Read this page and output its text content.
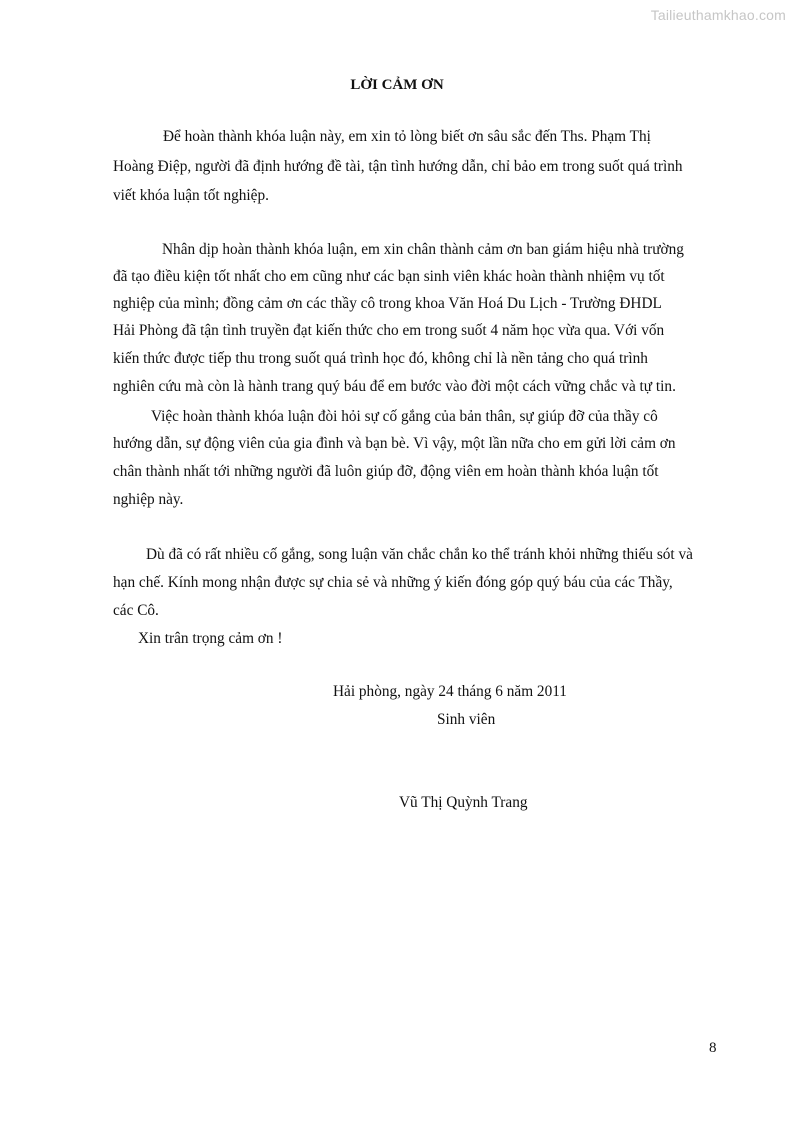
Tailieuthamkhao.com
LỜI CẢM ƠN
Để hoàn thành khóa luận này, em xin tỏ lòng biết ơn sâu sắc đến Ths. Phạm Thị
Hoàng Điệp, người đã định hướng đề tài, tận tình hướng dẫn, chỉ bảo em trong suốt quá trình
viết khóa luận tốt nghiệp.
Nhân dịp hoàn thành khóa luận, em xin chân thành cảm ơn ban giám hiệu nhà trường
đã tạo điều kiện tốt nhất cho em cũng như các bạn sinh viên khác hoàn thành nhiệm vụ tốt
nghiệp của mình; đồng cảm ơn các thầy cô trong khoa Văn Hoá Du Lịch - Trường ĐHDL
Hải Phòng đã tận tình truyền đạt kiến thức cho em trong suốt 4 năm học vừa qua. Với vốn
kiến thức được tiếp thu trong suốt quá trình học đó, không chỉ là nền tảng cho quá trình
nghiên cứu mà còn là hành trang quý báu để em bước vào đời một cách vững chắc và tự tin.
Việc hoàn thành khóa luận đòi hỏi sự cố gắng của bản thân, sự giúp đỡ của thầy cô
hướng dẫn, sự động viên của gia đình và bạn bè. Vì vậy, một lần nữa cho em gửi lời cảm ơn
chân thành nhất tới những người đã luôn giúp đỡ, động viên em hoàn thành khóa luận tốt
nghiệp này.
Dù đã có rất nhiều cố gắng, song luận văn chắc chắn ko thể tránh khỏi những thiếu sót và
hạn chế. Kính mong nhận được sự chia sẻ và những ý kiến đóng góp quý báu của các Thầy,
các Cô.
Xin trân trọng cảm ơn !
Hải phòng, ngày 24 tháng 6 năm 2011
Sinh viên
Vũ Thị Quỳnh Trang
8
